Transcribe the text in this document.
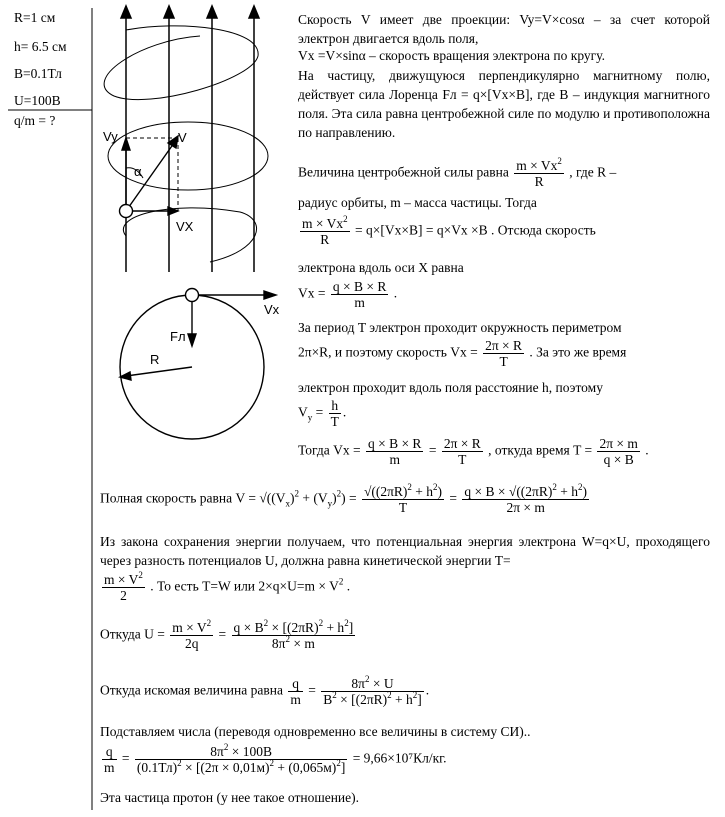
R=1 см
h= 6.5 см
B=0.1Тл
U=100В
q/m = ?
Vy	V
α
VX
Vx
Fл
R
Скорость V имеет две проекции: Vy=V×cosα – за счет которой электрон двигается вдоль поля,
Vx =V×sinα – скорость вращения электрона по кругу.
На частицу, движущуюся перпендикулярно магнитному полю, действует сила Лоренца Fл = q×[Vx×B], где B – индукция магнитного поля. Эта сила равна центробежной силе по модулю и противоположна по направлению.
Величина центробежной силы равна $\frac{m \times Vx^2}{R}$ , где R –
радиус орбиты, m – масса частицы. Тогда
$\frac{m \times Vx^2}{R} = q\times[Vx\times B] = q\times Vx \times B$ . Отсюда скорость
электрона вдоль оси X равна
$Vx = \frac{q \times B \times R}{m}$ .
За период T электрон проходит окружность периметром
2π×R, и поэтому скорость $Vx = \frac{2\pi \times R}{T}$ . За это же время
электрон проходит вдоль поля расстояние h, поэтому
$V_y = \frac{h}{T}$ .
Тогда $Vx = \frac{q \times B \times R}{m} = \frac{2\pi \times R}{T}$ , откуда время $T = \frac{2\pi \times m}{q \times B}$ .
Полная скорость равна $V = √((V_x)^2 + (V_y)^2) = \frac{√((2\pi R)^2 + h^2)}{T} = \frac{q \times B \times √((2\pi R)^2 + h^2)}{2\pi \times m}$
Из закона сохранения энергии получаем, что потенциальная энергия электрона W=q×U, проходящего через разность потенциалов U, должна равна кинетической энергии T=
$\frac{m \times V^2}{2}$ . То есть T=W или $2\times q\times U=m \times V^2$ .
Откуда $U = \frac{m \times V^2}{2q} = \frac{q \times B^2 \times [(2\pi R)^2 + h^2]}{8\pi^2 \times m}$
Откуда искомая величина равна $\frac{q}{m} = \frac{8\pi^2 \times U}{B^2 \times [(2\pi R)^2 + h^2]}$ .
Подставляем числа (переводя одновременно все величины в систему СИ)..
$\frac{q}{m} = \frac{8\pi^2 \times 100B}{(0.1Тл)^2 \times [(2\pi \times 0,01м)^2 + (0,065м)^2]} = 9,66\times 10^7Кл/кг$.
Эта частица протон (у нее такое отношение).
